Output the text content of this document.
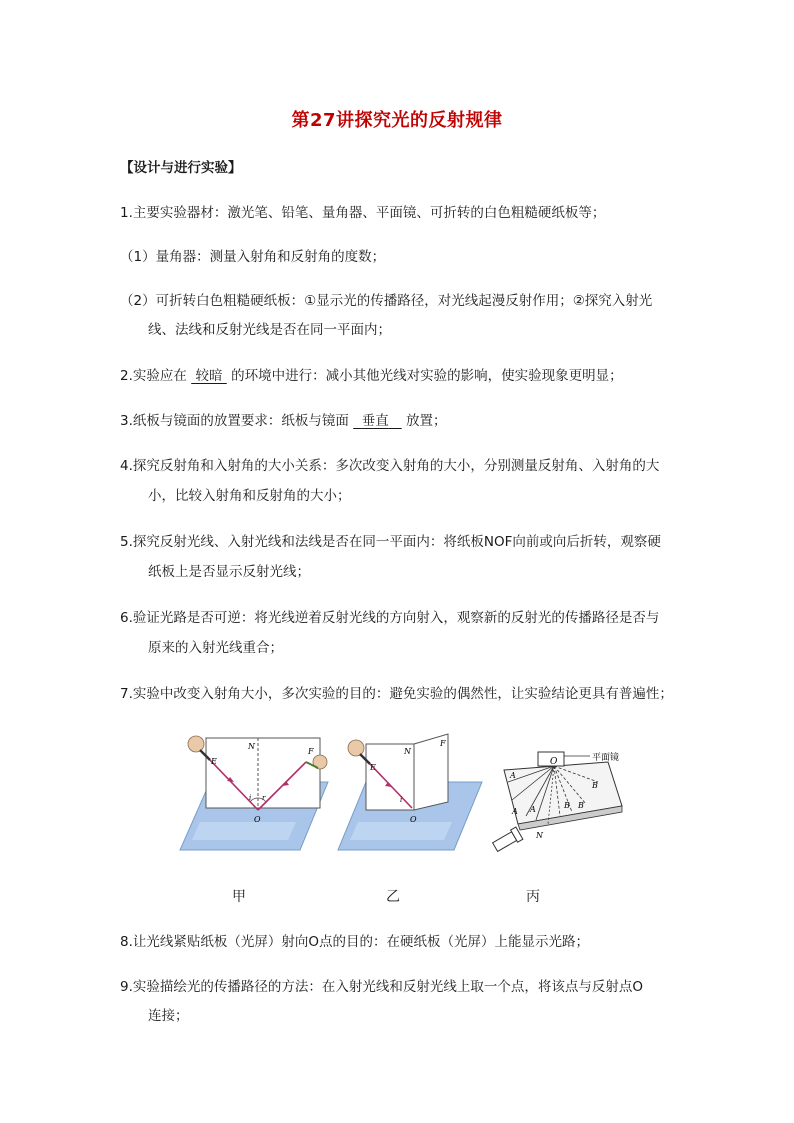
第27讲探究光的反射规律
【设计与进行实验】
1.主要实验器材：激光笔、铅笔、量角器、平面镜、可折转的白色粗糙硬纸板等；
（1）量角器：测量入射角和反射角的度数；
（2）可折转白色粗糙硬纸板：①显示光的传播路径，对光线起漫反射作用；②探究入射光
线、法线和反射光线是否在同一平面内；
2.实验应在 较暗 的环境中进行：减小其他光线对实验的影响，使实验现象更明显；
3.纸板与镜面的放置要求：纸板与镜面 垂直 放置；
4.探究反射角和入射角的大小关系：多次改变入射角的大小，分别测量反射角、入射角的大
小，比较入射角和反射角的大小；
5.探究反射光线、入射光线和法线是否在同一平面内：将纸板NOF向前或向后折转，观察硬
纸板上是否显示反射光线；
6.验证光路是否可逆：将光线逆着反射光线的方向射入，观察新的反射光的传播路径是否与
原来的入射光线重合；
7.实验中改变入射角大小，多次实验的目的：避免实验的偶然性，让实验结论更具有普遍性；
N
E
F
O
i r
N
E
F
O
i
O	平面镜
A
A A	B B
B
N
甲	乙	丙
8.让光线紧贴纸板（光屏）射向O点的目的：在硬纸板（光屏）上能显示光路；
9.实验描绘光的传播路径的方法：在入射光线和反射光线上取一个点，将该点与反射点O
连接；
